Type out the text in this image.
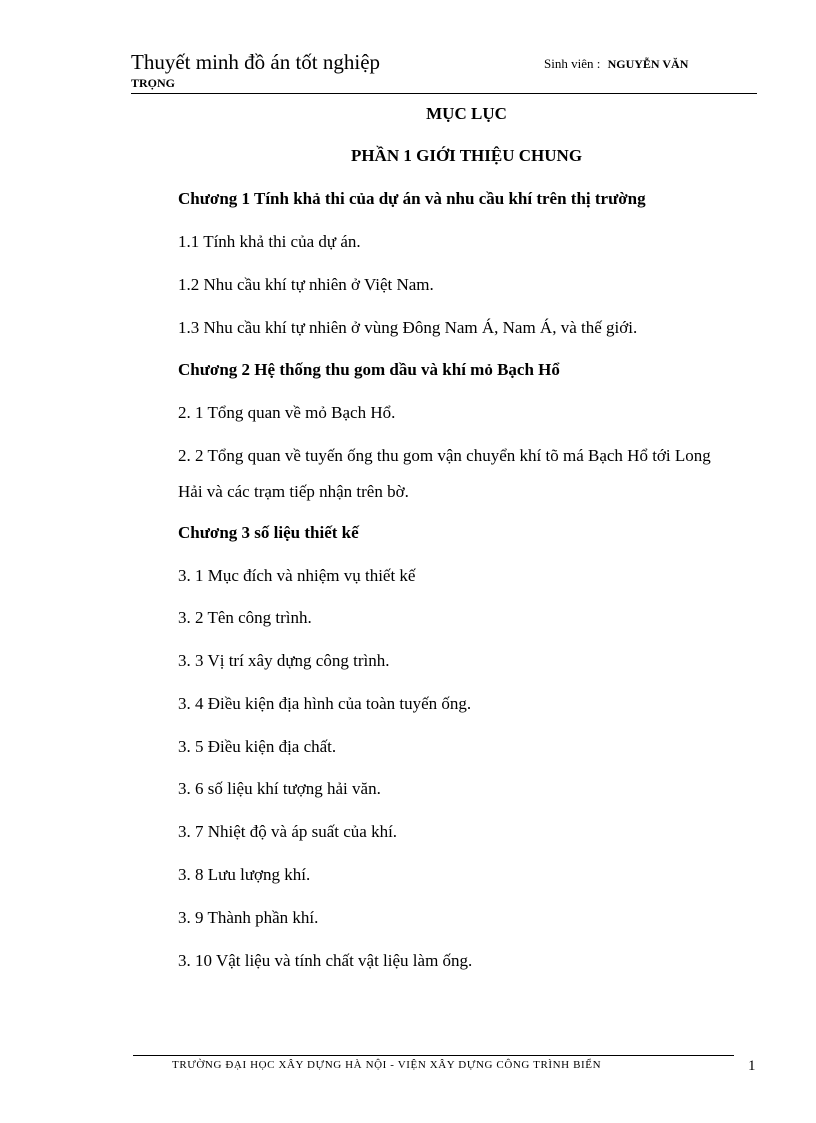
Thuyết minh đồ án tốt nghiệp
TRỌNG
Sinh viên : NGUYỄN VĂN
MỤC LỤC
PHẦN 1 GIỚI THIỆU CHUNG
Chương 1 Tính khả thi của dự án và nhu cầu khí trên thị trường
1.1 Tính khả thi của dự án.
1.2 Nhu cầu khí tự nhiên ở Việt Nam.
1.3 Nhu cầu khí tự nhiên ở vùng Đông Nam Á, Nam Á, và thế giới.
Chương 2 Hệ thống thu gom dầu và khí mỏ Bạch Hổ
2. 1 Tổng quan về mỏ Bạch Hổ.
2. 2 Tổng quan về tuyến ống thu gom vận chuyển khí tõ má Bạch Hổ tới Long Hải và các trạm tiếp nhận trên bờ.
Chương 3 số liệu thiết kế
3. 1 Mục đích và nhiệm vụ thiết kế
3. 2 Tên công trình.
3. 3 Vị trí xây dựng công trình.
3. 4 Điều kiện địa hình của toàn tuyến ống.
3. 5 Điều kiện địa chất.
3. 6 số liệu khí tượng hải văn.
3. 7 Nhiệt độ và áp suất của khí.
3. 8 Lưu lượng khí.
3. 9 Thành phần khí.
3. 10 Vật liệu và tính chất vật liệu làm ống.
TRƯỜNG ĐẠI HỌC XÂY DỰNG HÀ NỘI - VIỆN XÂY DỰNG CÔNG TRÌNH BIỂN	1
